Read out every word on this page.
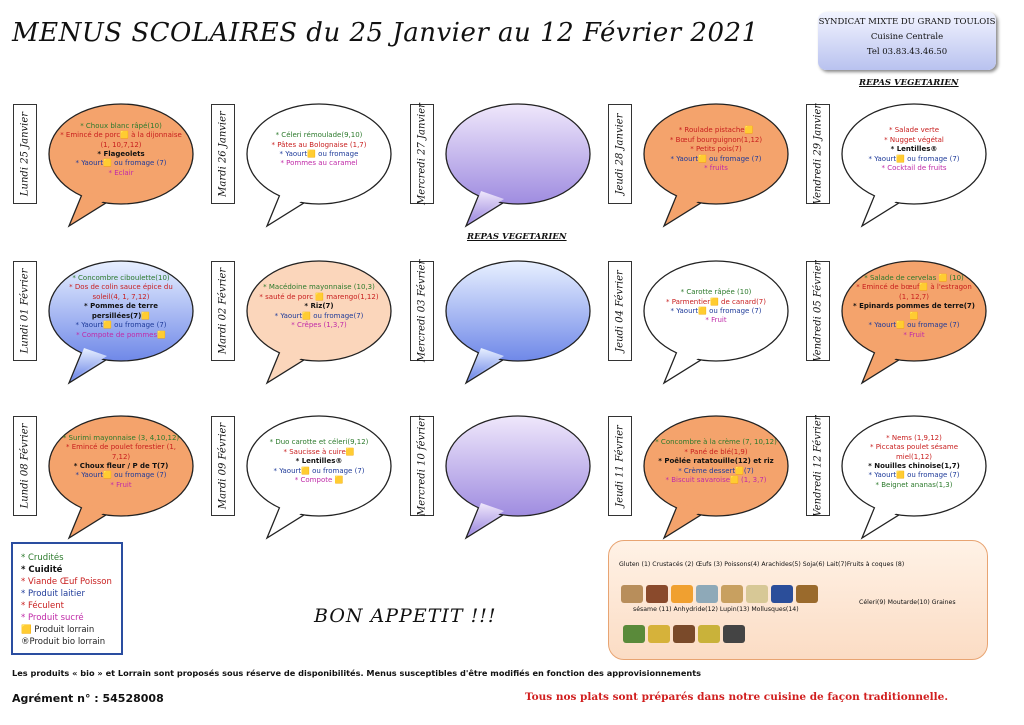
MENUS SCOLAIRES du 25 Janvier au 12 Février 2021	SYNDICAT MIXTE DU GRAND TOULOIS
Cuisine Centrale
Tel 03.83.43.46.50
REPAS VEGETARIEN
REPAS VEGETARIEN
Lundi 25 Janvier	* Choux blanc râpé(10)

* Emincé de porc🟨 à la dijonnaise (1, 10,7,12)

* Flageolets

* Yaourt🟨 ou fromage (7)

* Eclair	Mardi 26 Janvier	* Céleri rémoulade(9,10)

* Pâtes au Bolognaise (1,7)

* Yaourt🟨 ou fromage

* Pommes au caramel	Mercredi 27 Janvier	Jeudi 28 Janvier	* Roulade pistache🟨

* Bœuf bourguignon(1,12)

* Petits pois(7)

* Yaourt🟨 ou fromage (7)

* fruits	Vendredi 29 Janvier	* Salade verte

* Nugget végétal

* Lentilles®

* Yaourt🟨 ou fromage (7)

* Cocktail de fruits

Lundi 01 Février	* Concombre ciboulette(10)

* Dos de colin sauce épice du soleil(4, 1, 7,12)

* Pommes de terre persillées(7)🟨

* Yaourt🟨 ou fromage (7)

* Compote de pommes🟨	Mardi 02 Février	* Macédoine mayonnaise (10,3)

* sauté de porc 🟨 marengo(1,12)

* Riz(7)

* Yaourt🟨 ou fromage(7)

* Crêpes (1,3,7)	Mercredi 03 Février	Jeudi 04 Février	* Carotte râpée (10)

* Parmentier🟨 de canard(7)

* Yaourt🟨 ou fromage (7)

* Fruit	Vendredi 05 Février	* Salade de cervelas 🟨 (10)

* Emincé de bœuf🟨 à l'estragon (1, 12,7)

* Epinards pommes de terre(7)🟨

* Yaourt🟨 ou fromage (7)

* Fruit

Lundi 08 Février	* Surimi mayonnaise (3, 4,10,12)

* Emincé de poulet forestier (1, 7,12)

* Choux fleur / P de T(7)

* Yaourt🟨 ou fromage (7)

* Fruit	Mardi 09 Février	* Duo carotte et céleri(9,12)

* Saucisse à cuire🟨

* Lentilles®

* Yaourt🟨 ou fromage (7)

* Compote 🟨	Mercredi 10 février	Jeudi 11 Février	* Concombre à la crème (7, 10,12)

* Pané de blé(1,9)

* Poêlée ratatouille(12) et riz

* Crème dessert🟨(7)

* Biscuit savaroise🟨 (1, 3,7)	Vendredi 12 Février	* Nems (1,9,12)

* Piccatas poulet sésame miel(1,12)

* Nouilles chinoise(1,7)

* Yaourt🟨 ou fromage (7)

* Beignet ananas(1,3)

* Crudités

* Cuidité

* Viande Œuf Poisson

* Produit laitier

* Féculent

* Produit sucré

🟨 Produit lorrain

®Produit bio lorrain

BON APPETIT !!!
Gluten (1) Crustacés (2) Œufs (3) Poissons(4) Arachides(5) Soja(6) Lait(7)Fruits à coques (8)
sésame (11) Anhydride(12) Lupin(13) Mollusques(14)
Céleri(9) Moutarde(10) Graines
Les produits « bio » et Lorrain sont proposés sous réserve de disponibilités. Menus susceptibles d'être modifiés en fonction des approvisionnements
Agrément n° : 54528008	Tous nos plats sont préparés dans notre cuisine de façon traditionnelle.
